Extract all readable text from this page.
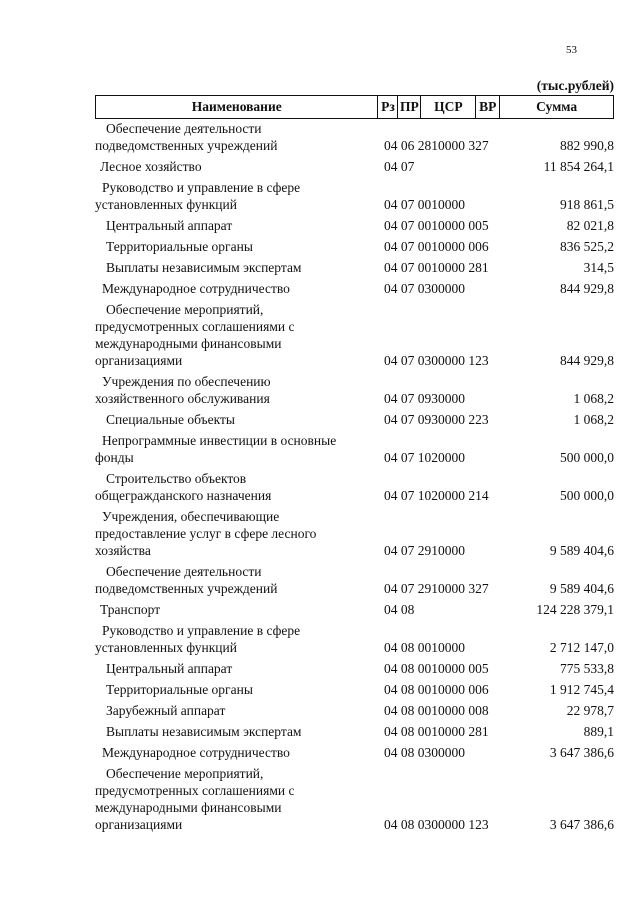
53
(тыс.рублей)
Наименование	Рз ПР	ЦСР	ВР	Сумма
Обеспечение деятельности
подведомственных учреждений	04 06 2810000 327	882 990,8
Лесное хозяйство	04 07	11 854 264,1
Руководство и управление в сфере
установленных функций	04 07 0010000	918 861,5
Центральный аппарат	04 07 0010000 005	82 021,8
Территориальные органы	04 07 0010000 006	836 525,2
Выплаты независимым экспертам	04 07 0010000 281	314,5
Международное сотрудничество	04 07 0300000	844 929,8
Обеспечение мероприятий,
предусмотренных соглашениями с
международными финансовыми
организациями	04 07 0300000 123	844 929,8
Учреждения по обеспечению
хозяйственного обслуживания	04 07 0930000	1 068,2
Специальные объекты	04 07 0930000 223	1 068,2
Непрограммные инвестиции в основные
фонды	04 07 1020000	500 000,0
Строительство объектов
общегражданского назначения	04 07 1020000 214	500 000,0
Учреждения, обеспечивающие
предоставление услуг в сфере лесного
хозяйства	04 07 2910000	9 589 404,6
Обеспечение деятельности
подведомственных учреждений	04 07 2910000 327	9 589 404,6
Транспорт	04 08	124 228 379,1
Руководство и управление в сфере
установленных функций	04 08 0010000	2 712 147,0
Центральный аппарат	04 08 0010000 005	775 533,8
Территориальные органы	04 08 0010000 006	1 912 745,4
Зарубежный аппарат	04 08 0010000 008	22 978,7
Выплаты независимым экспертам	04 08 0010000 281	889,1
Международное сотрудничество	04 08 0300000	3 647 386,6
Обеспечение мероприятий,
предусмотренных соглашениями с
международными финансовыми
организациями	04 08 0300000 123	3 647 386,6
